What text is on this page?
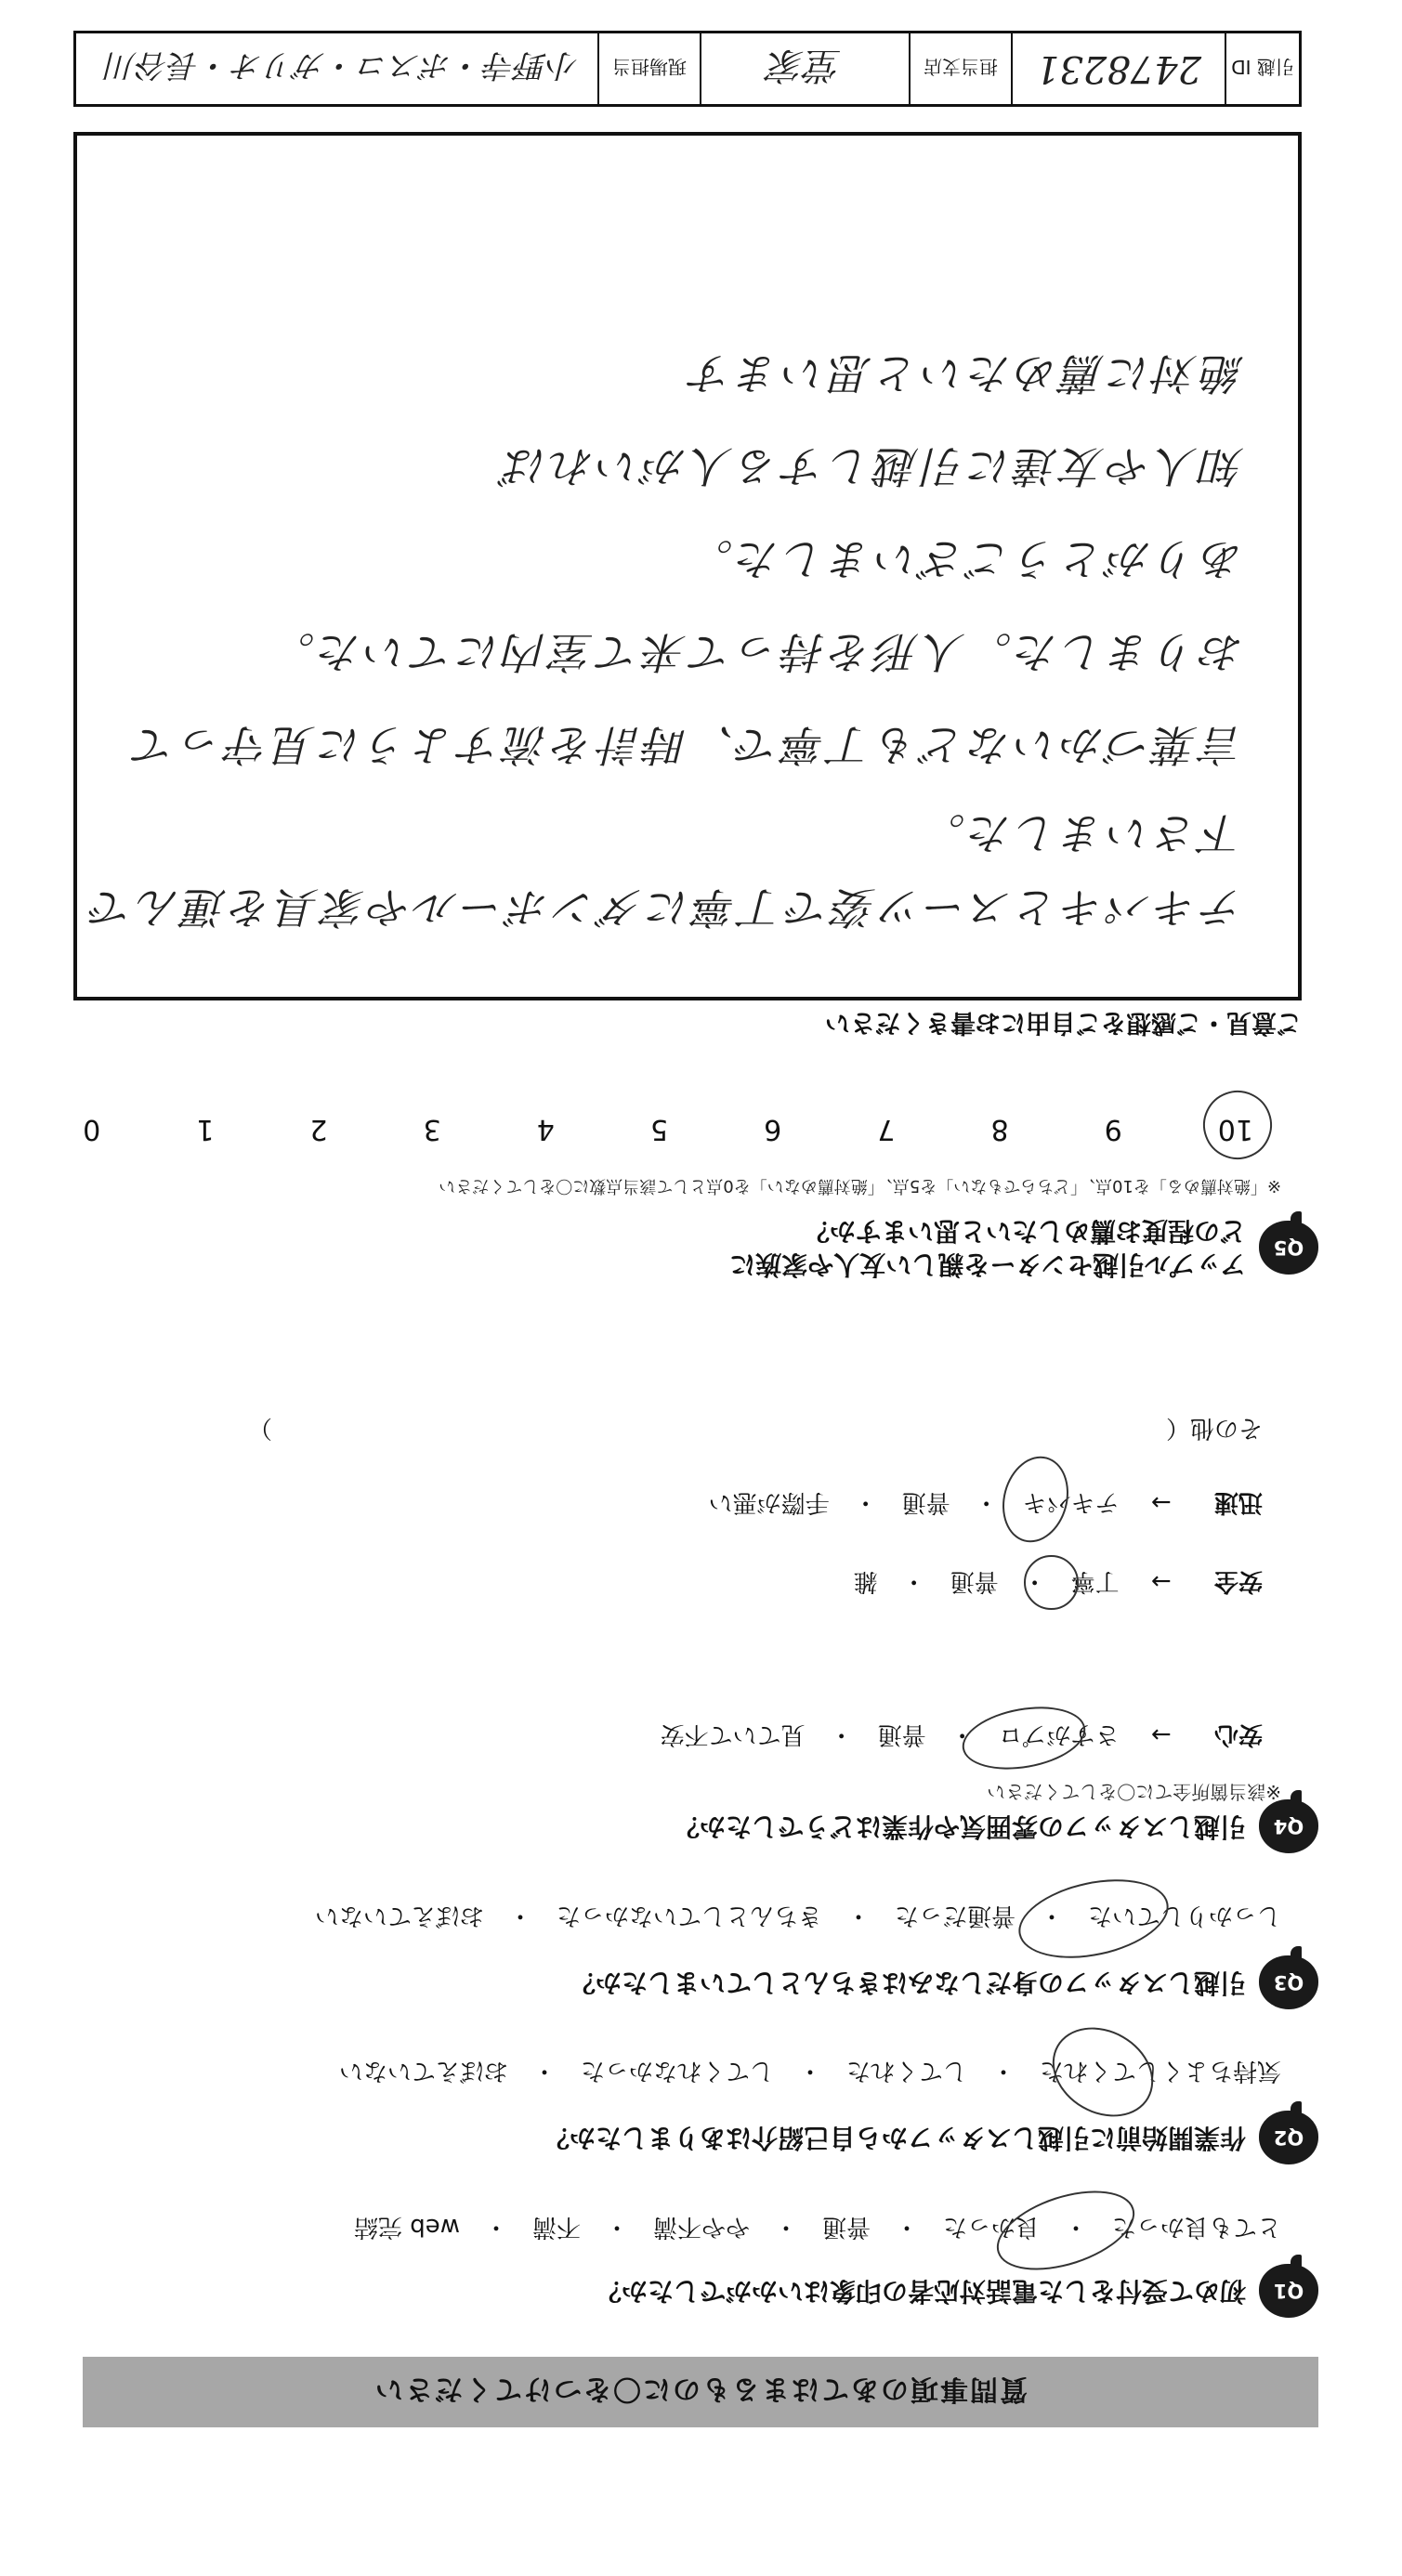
質問事項のあてはまるものに〇をつけてください
Q1
初めて受付をした電話対応者の印象はいかがでしたか？
とても良かった　・　良かった　・　普通　・　やや不満　・　不満　・　web 完結
Q2
作業開始前に引越しスタッフから自己紹介はありましたか？
気持ちよくしてくれた　・　してくれた　・　してくれなかった　・　おぼえていない
Q3
引越しスタッフの身だしなみはきちんとしていましたか？
しっかりしていた　・　普通だった　・　きちんとしていなかった　・　おぼえていない
Q4
引越しスタッフの雰囲気や作業はどうでしたか？
※該当箇所全てに〇をしてください
安心 →　 さすがプロ　・　普通　・　見ていて不安
安全 →　 丁寧　・　普通　・　雑
迅速 →　 テキパキ　・　普通　・　手際が悪い
その他（　　　　　　　　　　　　　　　　　　　　　　　　　　　　　　　　　　　　　）
Q5
アップル引越センターを親しい友人や家族に
どの程度お薦めしたいと思いますか？
※「絶対薦める」を10点、「どちらでもない」を5点、「絶対薦めない」を0点として該当点数に〇をしてください
10
9
8
7
6
5
4
3
2
1
0
ご意見・ご感想をご自由にお書きください
テキパキとスーツ姿で丁寧にダンボールや家具を運んで
下さいました。
言葉づかいなども丁寧で、時計を流すように見守って
おりました。人形を持って来て室内にていた。
ありがとうございました。
知人や友達に引越しする人がいれば
絶対に薦めたいと思います
引越 ID
2478231
担当支店
堂家
現場担当
小野寺・ボスコ・ガリオ・長谷川
